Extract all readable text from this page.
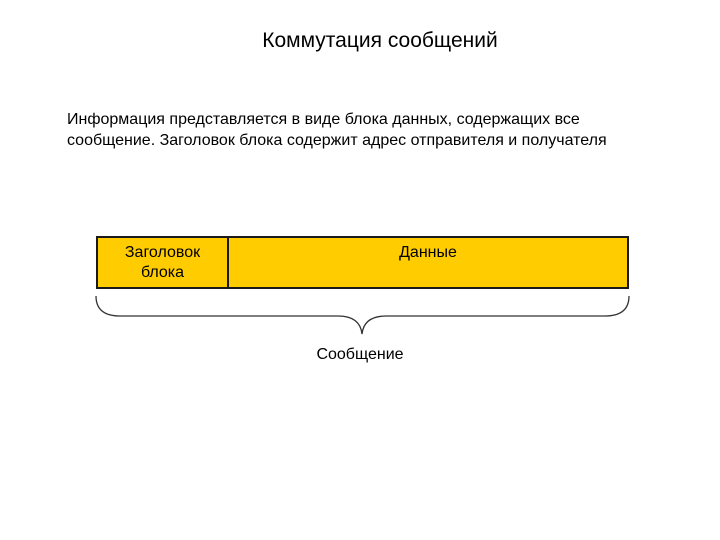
Коммутация сообщений
Информация представляется в виде блока данных, содержащих все
сообщение. Заголовок блока содержит адрес отправителя и получателя
Заголовок
блока
Данные
Сообщение
